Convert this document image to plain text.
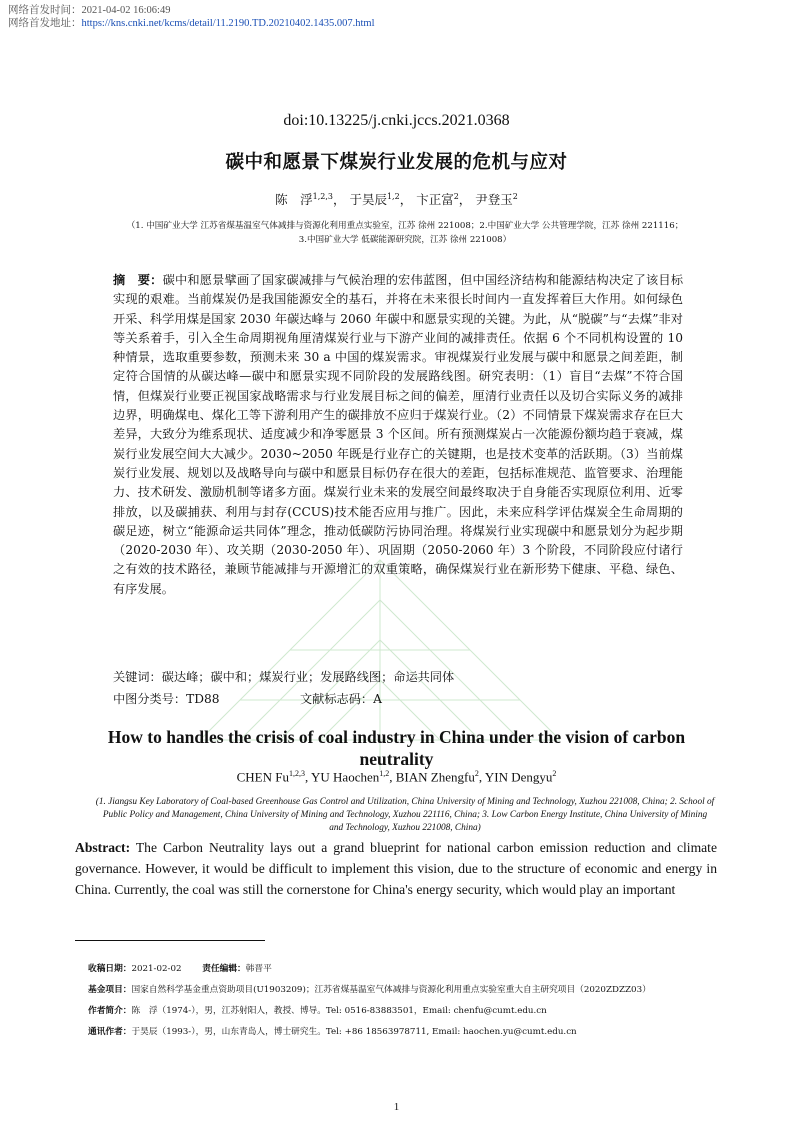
网络首发时间：2021-04-02 16:06:49
网络首发地址：https://kns.cnki.net/kcms/detail/11.2190.TD.20210402.1435.007.html
doi:10.13225/j.cnki.jccs.2021.0368
碳中和愿景下煤炭行业发展的危机与应对
陈　浮$^{1,2,3}$， 于昊辰$^{1,2}$， 卞正富$^2$， 尹登玉$^2$
（1. 中国矿业大学 江苏省煤基温室气体减排与资源化利用重点实验室，江苏 徐州 221008；2.中国矿业大学 公共管理学院，江苏 徐州 221116；
3.中国矿业大学 低碳能源研究院，江苏 徐州 221008）
摘　要：碳中和愿景擘画了国家碳减排与气候治理的宏伟蓝图，但中国经济结构和能源结构决定了该目标实现的艰难。当前煤炭仍是我国能源安全的基石，并将在未来很长时间内一直发挥着巨大作用。如何绿色开采、科学用煤是国家 2030 年碳达峰与 2060 年碳中和愿景实现的关键。为此，从“脱碳”与“去煤”非对等关系着手，引入全生命周期视角厘清煤炭行业与下游产业间的减排责任。依据 6 个不同机构设置的 10 种情景，选取重要参数，预测未来 30 a 中国的煤炭需求。审视煤炭行业发展与碳中和愿景之间差距，制定符合国情的从碳达峰—碳中和愿景实现不同阶段的发展路线图。研究表明：（1）盲目“去煤”不符合国情，但煤炭行业要正视国家战略需求与行业发展目标之间的偏差，厘清行业责任以及切合实际义务的减排边界，明确煤电、煤化工等下游利用产生的碳排放不应归于煤炭行业。（2）不同情景下煤炭需求存在巨大差异，大致分为维系现状、适度减少和净零愿景 3 个区间。所有预测煤炭占一次能源份额均趋于衰减，煤炭行业发展空间大大减少。2030~2050 年既是行业存亡的关键期，也是技术变革的活跃期。（3）当前煤炭行业发展、规划以及战略导向与碳中和愿景目标仍存在很大的差距，包括标准规范、监管要求、治理能力、技术研发、激励机制等诸多方面。煤炭行业未来的发展空间最终取决于自身能否实现原位利用、近零排放，以及碳捕获、利用与封存(CCUS)技术能否应用与推广。因此，未来应科学评估煤炭全生命周期的碳足迹，树立“能源命运共同体”理念，推动低碳防污协同治理。将煤炭行业实现碳中和愿景划分为起步期（2020-2030 年）、攻关期（2030-2050 年）、巩固期（2050-2060 年）3 个阶段，不同阶段应付诸行之有效的技术路径，兼顾节能减排与开源增汇的双重策略，确保煤炭行业在新形势下健康、平稳、绿色、有序发展。
关键词：碳达峰；碳中和；煤炭行业；发展路线图；命运共同体
中图分类号：TD88	文献标志码：A
How to handles the crisis of coal industry in China under the vision of carbon neutrality
CHEN Fu$^{1,2,3}$, YU Haochen$^{1,2}$, BIAN Zhengfu$^2$, YIN Dengyu$^2$
(1. Jiangsu Key Laboratory of Coal-based Greenhouse Gas Control and Utilization, China University of Mining and Technology, Xuzhou 221008, China; 2. School of Public Policy and Management, China University of Mining and Technology, Xuzhou 221116, China; 3. Low Carbon Energy Institute, China University of Mining and Technology, Xuzhou 221008, China)
Abstract: The Carbon Neutrality lays out a grand blueprint for national carbon emission reduction and climate governance. However, it would be difficult to implement this vision, due to the structure of economic and energy in China. Currently, the coal was still the cornerstone for China's energy security, which would play an important
收稿日期：2021-02-02 责任编辑：韩晋平
基金项目：国家自然科学基金重点资助项目(U1903209)；江苏省煤基温室气体减排与资源化利用重点实验室重大自主研究项目（2020ZDZZ03）
作者简介：陈　浮（1974-），男，江苏射阳人，教授、博导。Tel: 0516-83883501，Email: chenfu@cumt.edu.cn
通讯作者：于昊辰（1993-），男，山东青岛人，博士研究生。Tel: +86 18563978711, Email: haochen.yu@cumt.edu.cn
1
